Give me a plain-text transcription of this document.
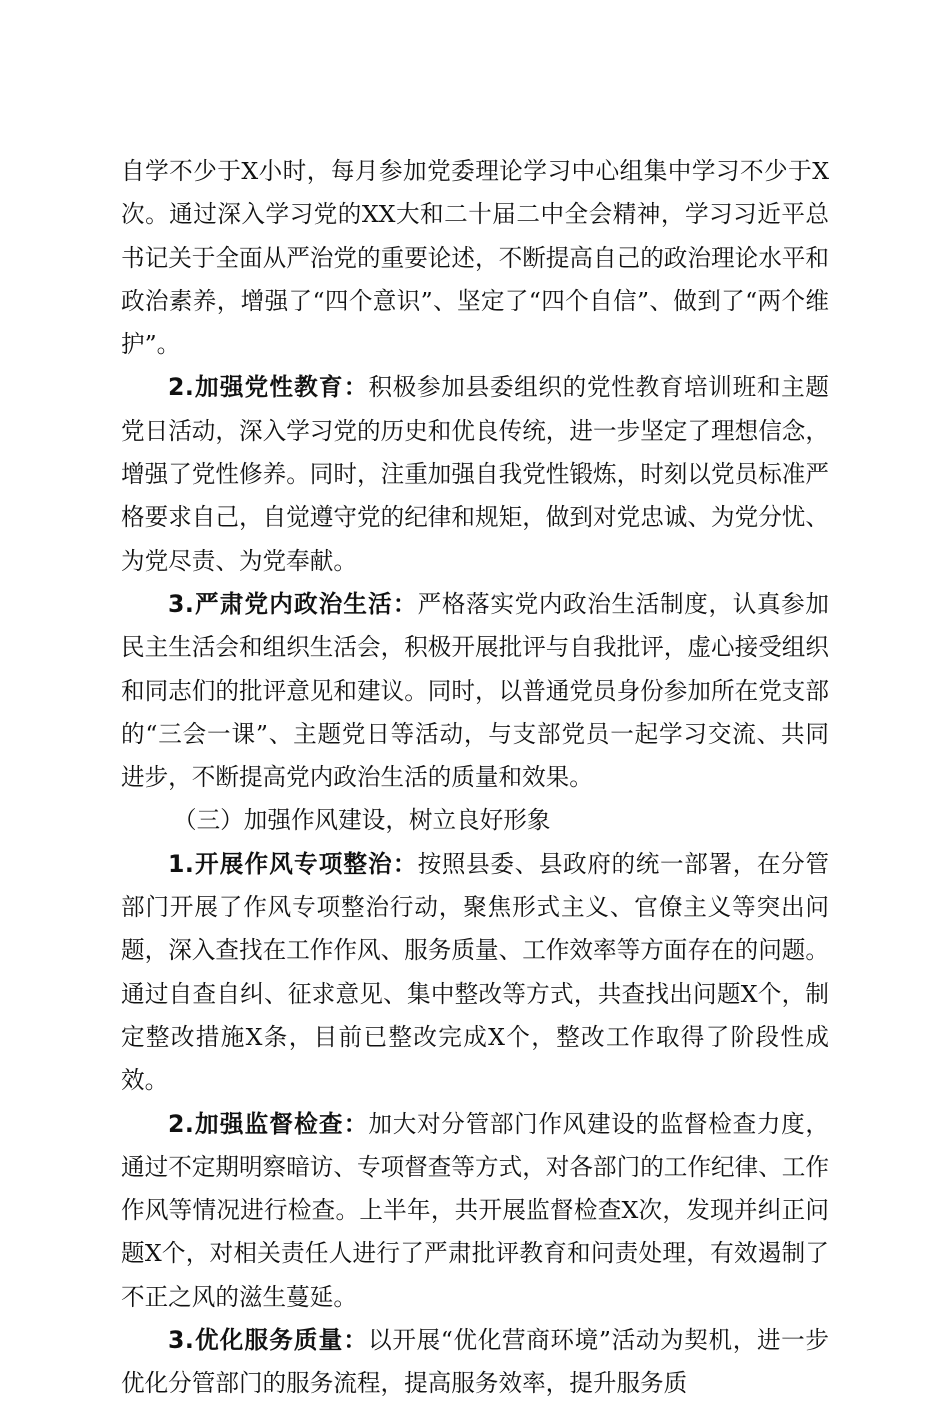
自学不少于X小时，每月参加党委理论学习中心组集中学习不少于X次。通过深入学习党的XX大和二十届二中全会精神，学习习近平总书记关于全面从严治党的重要论述，不断提高自己的政治理论水平和政治素养，增强了“四个意识”、坚定了“四个自信”、做到了“两个维护”。

2.加强党性教育：积极参加县委组织的党性教育培训班和主题党日活动，深入学习党的历史和优良传统，进一步坚定了理想信念，增强了党性修养。同时，注重加强自我党性锻炼，时刻以党员标准严格要求自己，自觉遵守党的纪律和规矩，做到对党忠诚、为党分忧、为党尽责、为党奉献。

3.严肃党内政治生活：严格落实党内政治生活制度，认真参加民主生活会和组织生活会，积极开展批评与自我批评，虚心接受组织和同志们的批评意见和建议。同时，以普通党员身份参加所在党支部的“三会一课”、主题党日等活动，与支部党员一起学习交流、共同进步，不断提高党内政治生活的质量和效果。

（三）加强作风建设，树立良好形象

1.开展作风专项整治：按照县委、县政府的统一部署，在分管部门开展了作风专项整治行动，聚焦形式主义、官僚主义等突出问题，深入查找在工作作风、服务质量、工作效率等方面存在的问题。通过自查自纠、征求意见、集中整改等方式，共查找出问题X个，制定整改措施X条，目前已整改完成X个，整改工作取得了阶段性成效。

2.加强监督检查：加大对分管部门作风建设的监督检查力度，通过不定期明察暗访、专项督查等方式，对各部门的工作纪律、工作作风等情况进行检查。上半年，共开展监督检查X次，发现并纠正问题X个，对相关责任人进行了严肃批评教育和问责处理，有效遏制了不正之风的滋生蔓延。

3.优化服务质量：以开展“优化营商环境”活动为契机，进一步优化分管部门的服务流程，提高服务效率，提升服务质
